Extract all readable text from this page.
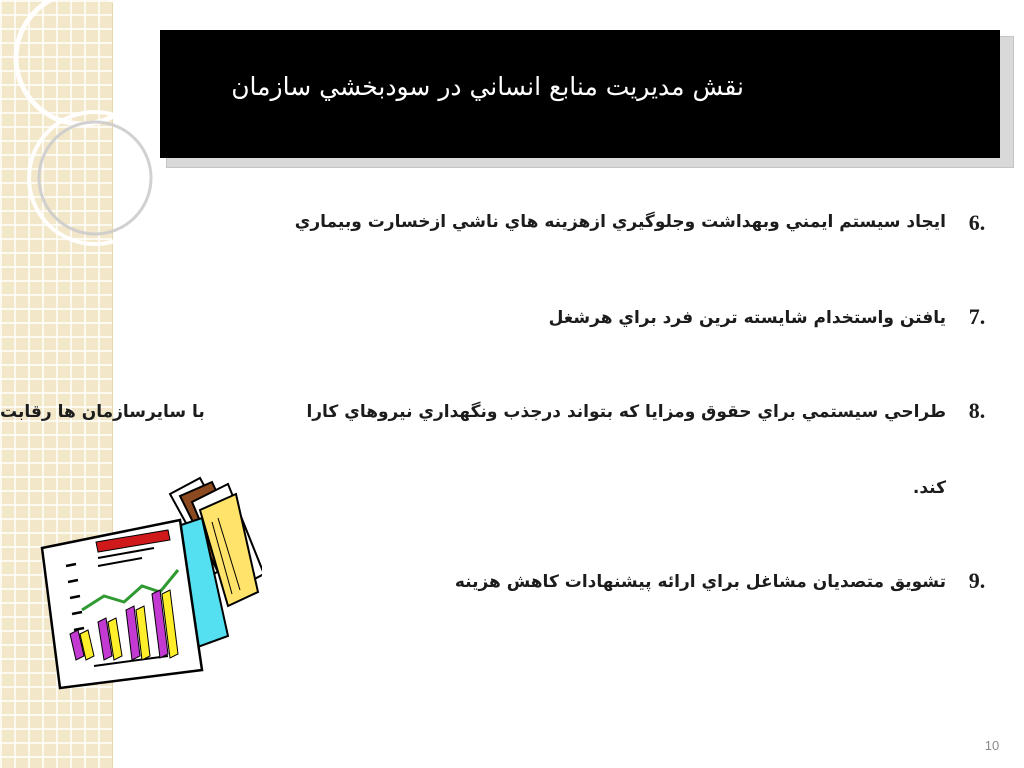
نقش مديريت منابع انساني در سودبخشي سازمان
6.
ايجاد سيستم ايمني وبهداشت وجلوگيري ازهزينه هاي ناشي ازخسارت وبيماري
7.
يافتن واستخدام شايسته ترين فرد براي هرشغل
8.
طراحي سيستمي براي حقوق ومزايا كه بتواند درجذب ونگهداري نيروهاي كارا
با سايرسازمان ها رقابت
كند.
9.
تشويق متصديان مشاغل براي ارائه پيشنهادات كاهش هزينه
10
